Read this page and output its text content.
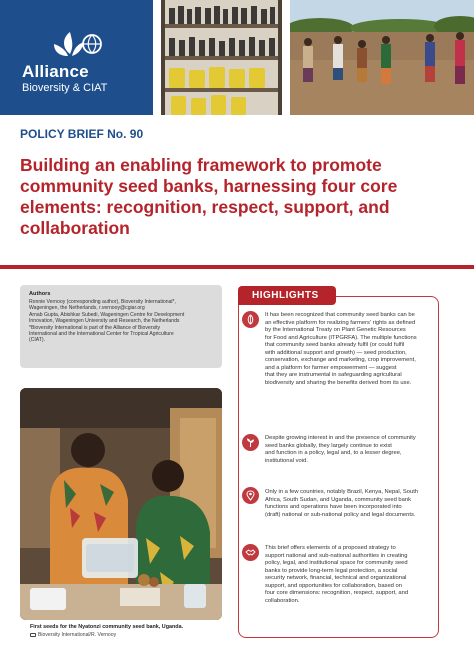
Alliance
Bioversity & CIAT
POLICY BRIEF No. 90
Building an enabling framework to promote community seed banks, harnessing four core elements: recognition, respect, support, and collaboration
Authors
Ronnie Vernooy (corresponding author), Bioversity International*,
Wageningen, the Netherlands, r.vernooy@cgiar.org
Arnab Gupta, Abishkar Subedi, Wageningen Centre for Development
Innovation, Wageningen University and Research, the Netherlands
*Bioversity International is part of the Alliance of Bioversity
International and the International Center for Tropical Agriculture
(CIAT).
First seeds for the Nyatonzi community seed bank, Uganda.
Bioversity International/R. Vernooy
HIGHLIGHTS
It has been recognized that community seed banks can be
an effective platform for realizing farmers' rights as defined
by the International Treaty on Plant Genetic Resources
for Food and Agriculture (ITPGRFA). The multiple functions
that community seed banks already fulfil (or could fulfil
with additional support and growth) — seed production,
conservation, exchange and marketing, crop improvement,
and a platform for farmer empowerment — suggest
that they are instrumental in safeguarding agricultural
biodiversity and sharing the benefits derived from its use.
Despite growing interest in and the presence of community
seed banks globally, they largely continue to exist
and function in a policy, legal and, to a lesser degree,
institutional void.
Only in a few countries, notably Brazil, Kenya, Nepal, South
Africa, South Sudan, and Uganda, community seed bank
functions and operations have been incorporated into
(draft) national or sub-national policy and legal documents.
This brief offers elements of a proposed strategy to
support national and sub-national authorities in creating
policy, legal, and institutional space for community seed
banks to provide long-term legal protection, a social
security network, financial, technical and organizational
support, and opportunities for collaboration, based on
four core dimensions: recognition, respect, support, and
collaboration.
